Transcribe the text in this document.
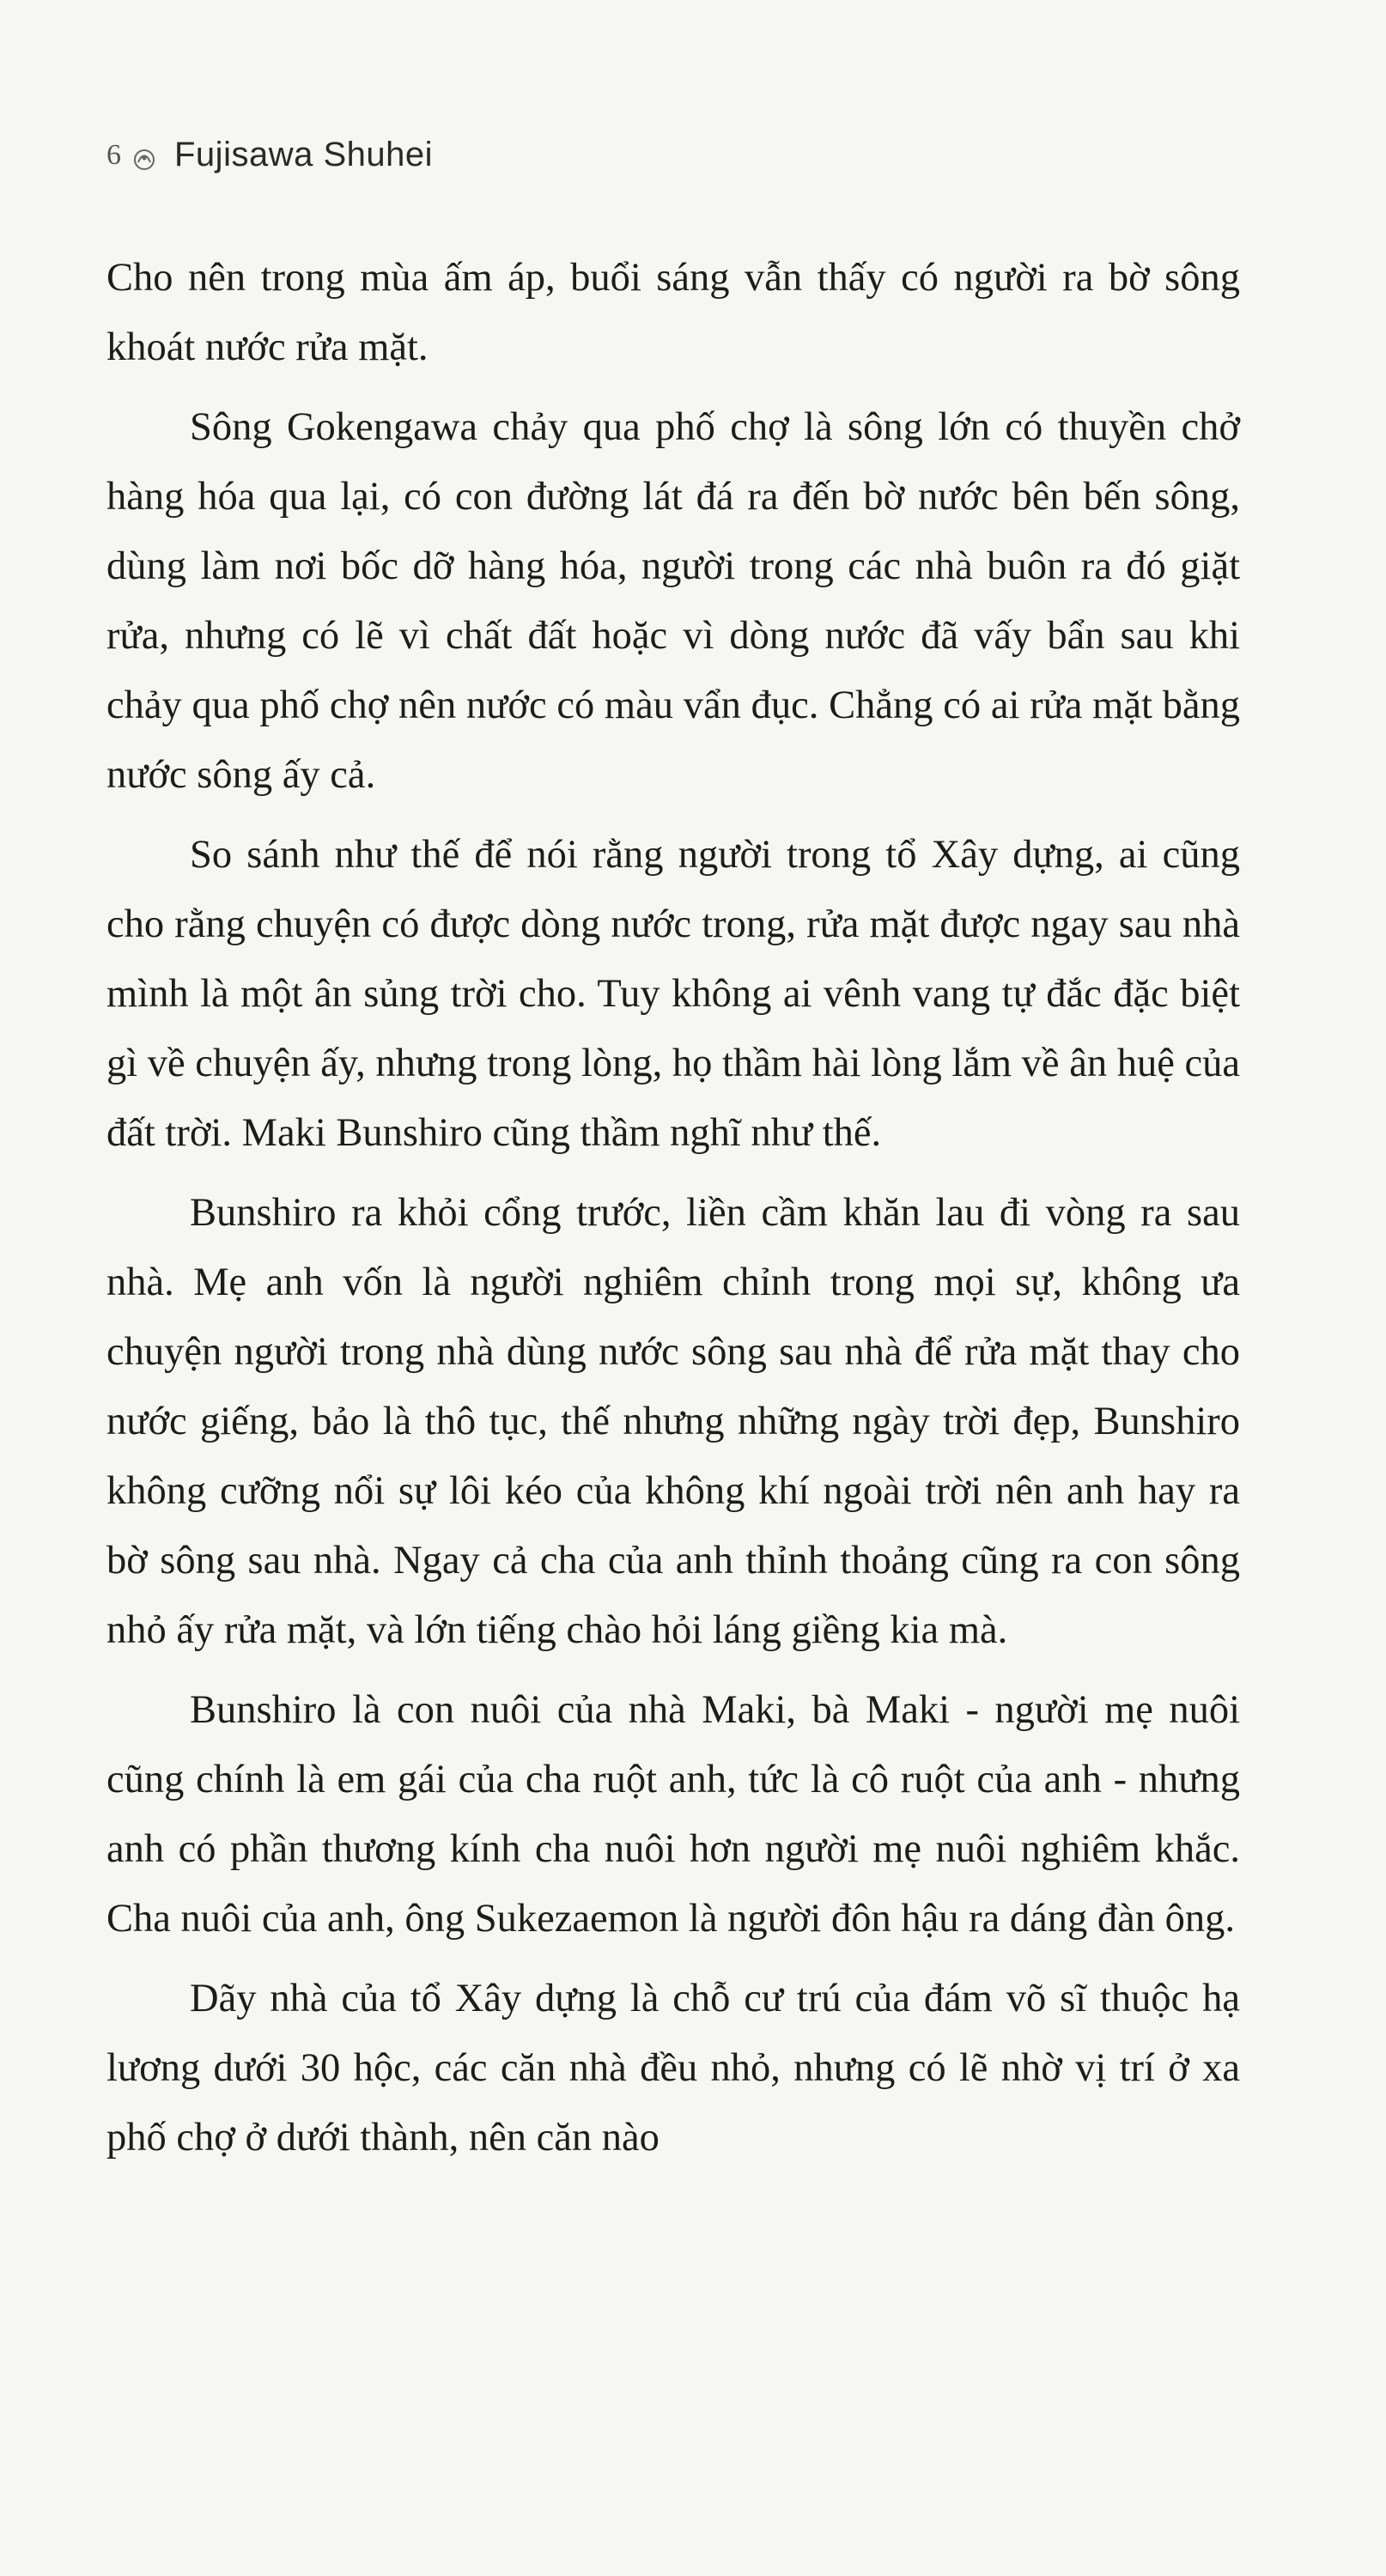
6 Fujisawa Shuhei

Cho nên trong mùa ấm áp, buổi sáng vẫn thấy có người ra bờ sông khoát nước rửa mặt.

Sông Gokengawa chảy qua phố chợ là sông lớn có thuyền chở hàng hóa qua lại, có con đường lát đá ra đến bờ nước bên bến sông, dùng làm nơi bốc dỡ hàng hóa, người trong các nhà buôn ra đó giặt rửa, nhưng có lẽ vì chất đất hoặc vì dòng nước đã vấy bẩn sau khi chảy qua phố chợ nên nước có màu vẩn đục. Chẳng có ai rửa mặt bằng nước sông ấy cả.

So sánh như thế để nói rằng người trong tổ Xây dựng, ai cũng cho rằng chuyện có được dòng nước trong, rửa mặt được ngay sau nhà mình là một ân sủng trời cho. Tuy không ai vênh vang tự đắc đặc biệt gì về chuyện ấy, nhưng trong lòng, họ thầm hài lòng lắm về ân huệ của đất trời. Maki Bunshiro cũng thầm nghĩ như thế.

Bunshiro ra khỏi cổng trước, liền cầm khăn lau đi vòng ra sau nhà. Mẹ anh vốn là người nghiêm chỉnh trong mọi sự, không ưa chuyện người trong nhà dùng nước sông sau nhà để rửa mặt thay cho nước giếng, bảo là thô tục, thế nhưng những ngày trời đẹp, Bunshiro không cưỡng nổi sự lôi kéo của không khí ngoài trời nên anh hay ra bờ sông sau nhà. Ngay cả cha của anh thỉnh thoảng cũng ra con sông nhỏ ấy rửa mặt, và lớn tiếng chào hỏi láng giềng kia mà.

Bunshiro là con nuôi của nhà Maki, bà Maki - người mẹ nuôi cũng chính là em gái của cha ruột anh, tức là cô ruột của anh - nhưng anh có phần thương kính cha nuôi hơn người mẹ nuôi nghiêm khắc. Cha nuôi của anh, ông Sukezaemon là người đôn hậu ra dáng đàn ông.

Dãy nhà của tổ Xây dựng là chỗ cư trú của đám võ sĩ thuộc hạ lương dưới 30 hộc, các căn nhà đều nhỏ, nhưng có lẽ nhờ vị trí ở xa phố chợ ở dưới thành, nên căn nào
